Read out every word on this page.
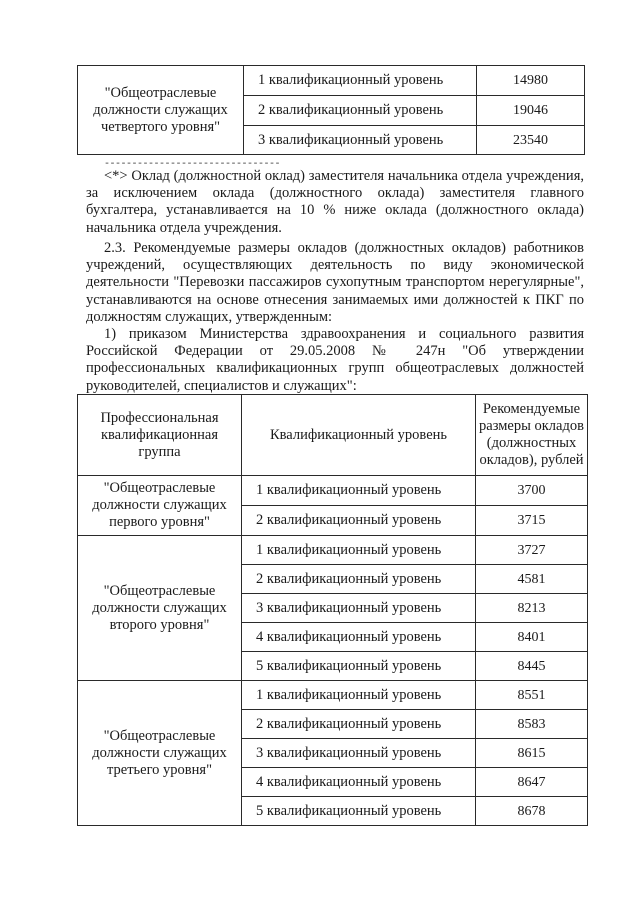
"Общеотраслевые должности служащих четвертого уровня"	1 квалификационный уровень	14980
	2 квалификационный уровень	19046
	3 квалификационный уровень	23540
--------------------------------
<*> Оклад (должностной оклад) заместителя начальника отдела учреждения, за исключением оклада (должностного оклада) заместителя главного бухгалтера, устанавливается на 10 % ниже оклада (должностного оклада) начальника отдела учреждения.
2.3. Рекомендуемые размеры окладов (должностных окладов) работников учреждений, осуществляющих деятельность по виду экономической деятельности "Перевозки пассажиров сухопутным транспортом нерегулярные", устанавливаются на основе отнесения занимаемых ими должностей к ПКГ по должностям служащих, утвержденным:
1) приказом Министерства здравоохранения и социального развития Российской Федерации от 29.05.2008 № 247н "Об утверждении профессиональных квалификационных групп общеотраслевых должностей руководителей, специалистов и служащих":
Профессиональная квалификационная группа	Квалификационный уровень	Рекомендуемые размеры окладов (должностных окладов), рублей
"Общеотраслевые должности служащих первого уровня"	1 квалификационный уровень	3700
	2 квалификационный уровень	3715
"Общеотраслевые должности служащих второго уровня"	1 квалификационный уровень	3727
	2 квалификационный уровень	4581
	3 квалификационный уровень	8213
	4 квалификационный уровень	8401
	5 квалификационный уровень	8445
"Общеотраслевые должности служащих третьего уровня"	1 квалификационный уровень	8551
	2 квалификационный уровень	8583
	3 квалификационный уровень	8615
	4 квалификационный уровень	8647
	5 квалификационный уровень	8678
